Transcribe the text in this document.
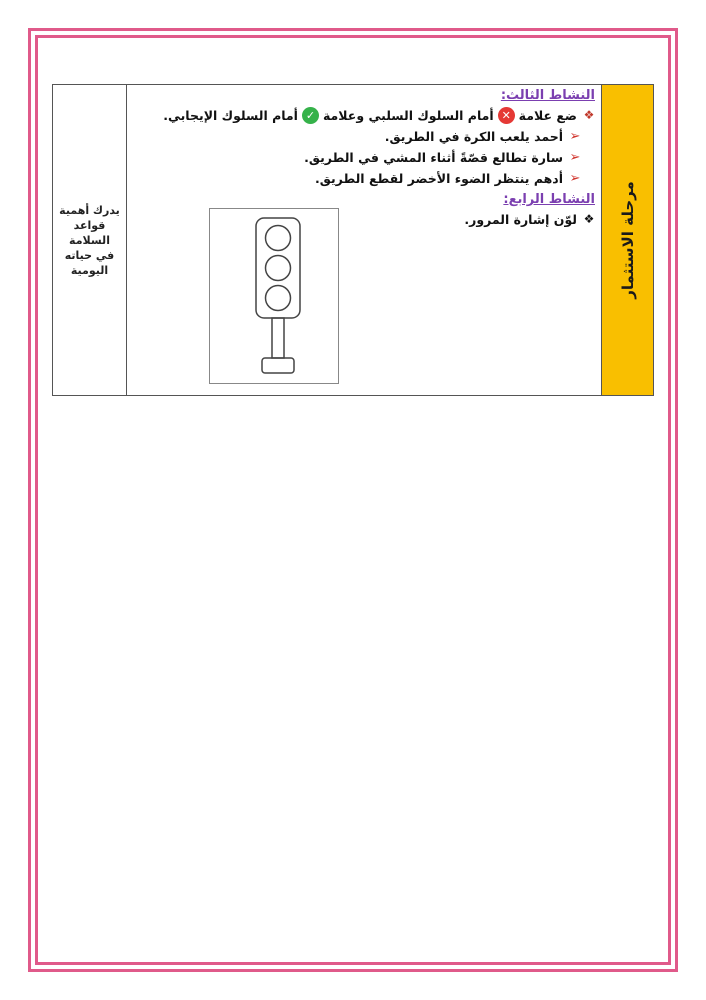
يدرك أهمية
قواعد السلامة
في حياته
اليومية
النشاط الثالث:
❖
ضع علامة
✕
أمام السلوك السلبي وعلامة
✓
أمام السلوك الإيجابي.
➢
أحمد يلعب الكرة في الطريق.
➢
سارة تطالع قصّةً أثناء المشي في الطريق.
➢
أدهم ينتظر الضوء الأخضر لقطع الطريق.
النشاط الرابع:
❖
لوّن إشارة المرور.	مرحلة الاستثمار
